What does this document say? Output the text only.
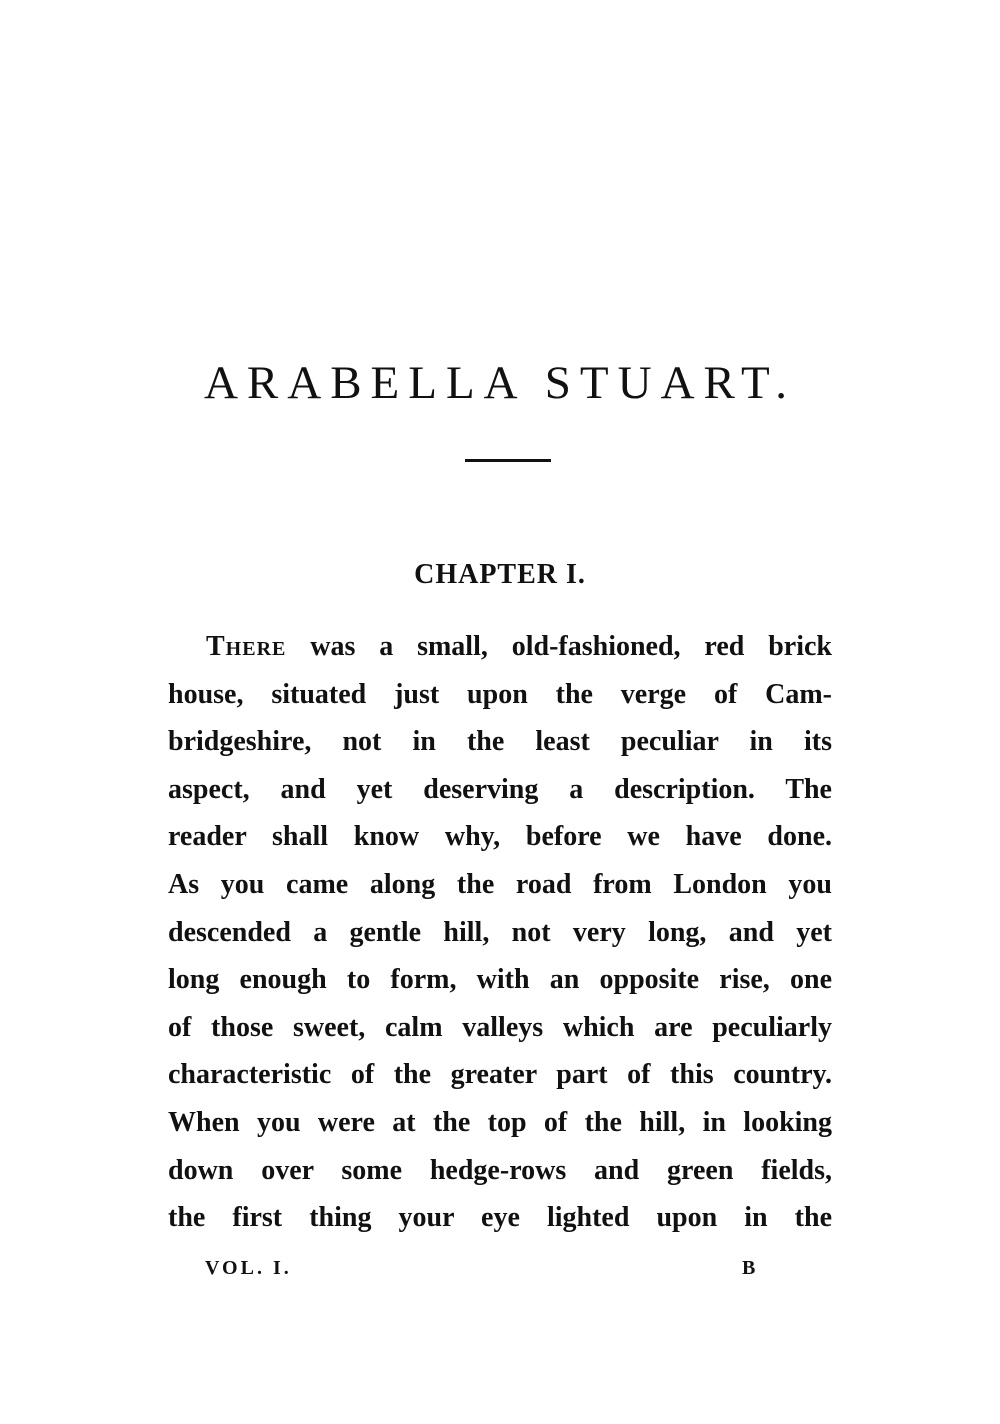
ARABELLA STUART.
CHAPTER I.
There was a small, old-fashioned, red brick
house, situated just upon the verge of Cam-
bridgeshire, not in the least peculiar in its
aspect, and yet deserving a description. The
reader shall know why, before we have done.
As you came along the road from London you
descended a gentle hill, not very long, and yet
long enough to form, with an opposite rise, one
of those sweet, calm valleys which are peculiarly
characteristic of the greater part of this country.
When you were at the top of the hill, in looking
down over some hedge-rows and green fields,
the first thing your eye lighted upon in the
VOL. I.	B
